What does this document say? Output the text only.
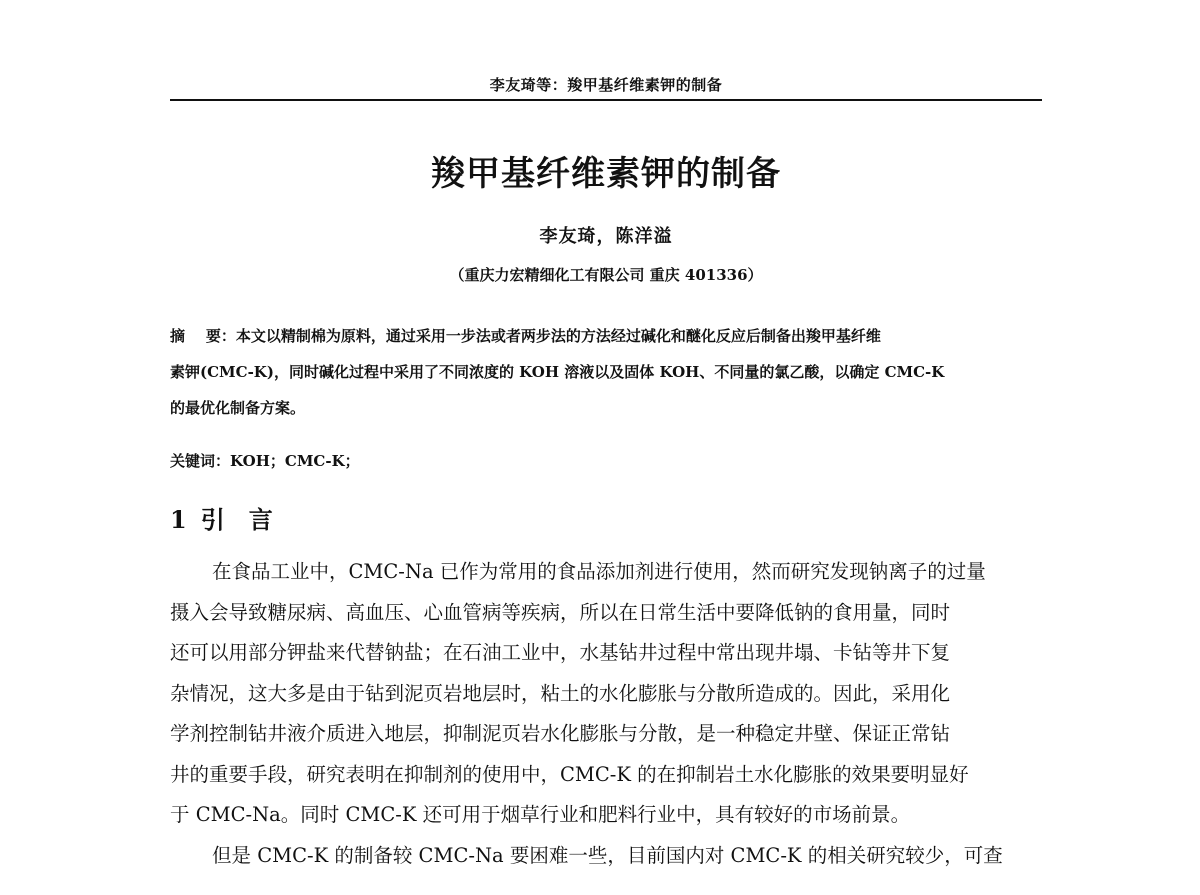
李友琦等：羧甲基纤维素钾的制备
羧甲基纤维素钾的制备
李友琦，陈洋溢
（重庆力宏精细化工有限公司 重庆 401336）
摘    要：本文以精制棉为原料，通过采用一步法或者两步法的方法经过碱化和醚化反应后制备出羧甲基纤维
素钾(CMC-K)，同时碱化过程中采用了不同浓度的 KOH 溶液以及固体 KOH、不同量的氯乙酸，以确定 CMC-K
的最优化制备方案。
关键词：KOH；CMC-K；
1 引 言
在食品工业中，CMC-Na 已作为常用的食品添加剂进行使用，然而研究发现钠离子的过量
摄入会导致糖尿病、高血压、心血管病等疾病，所以在日常生活中要降低钠的食用量，同时
还可以用部分钾盐来代替钠盐；在石油工业中，水基钻井过程中常出现井塌、卡钻等井下复
杂情况，这大多是由于钻到泥页岩地层时，粘土的水化膨胀与分散所造成的。因此，采用化
学剂控制钻井液介质进入地层，抑制泥页岩水化膨胀与分散，是一种稳定井壁、保证正常钻
井的重要手段，研究表明在抑制剂的使用中，CMC-K 的在抑制岩土水化膨胀的效果要明显好
于 CMC-Na。同时 CMC-K 还可用于烟草行业和肥料行业中，具有较好的市场前景。
但是 CMC-K 的制备较 CMC-Na 要困难一些，目前国内对 CMC-K 的相关研究较少，可查
